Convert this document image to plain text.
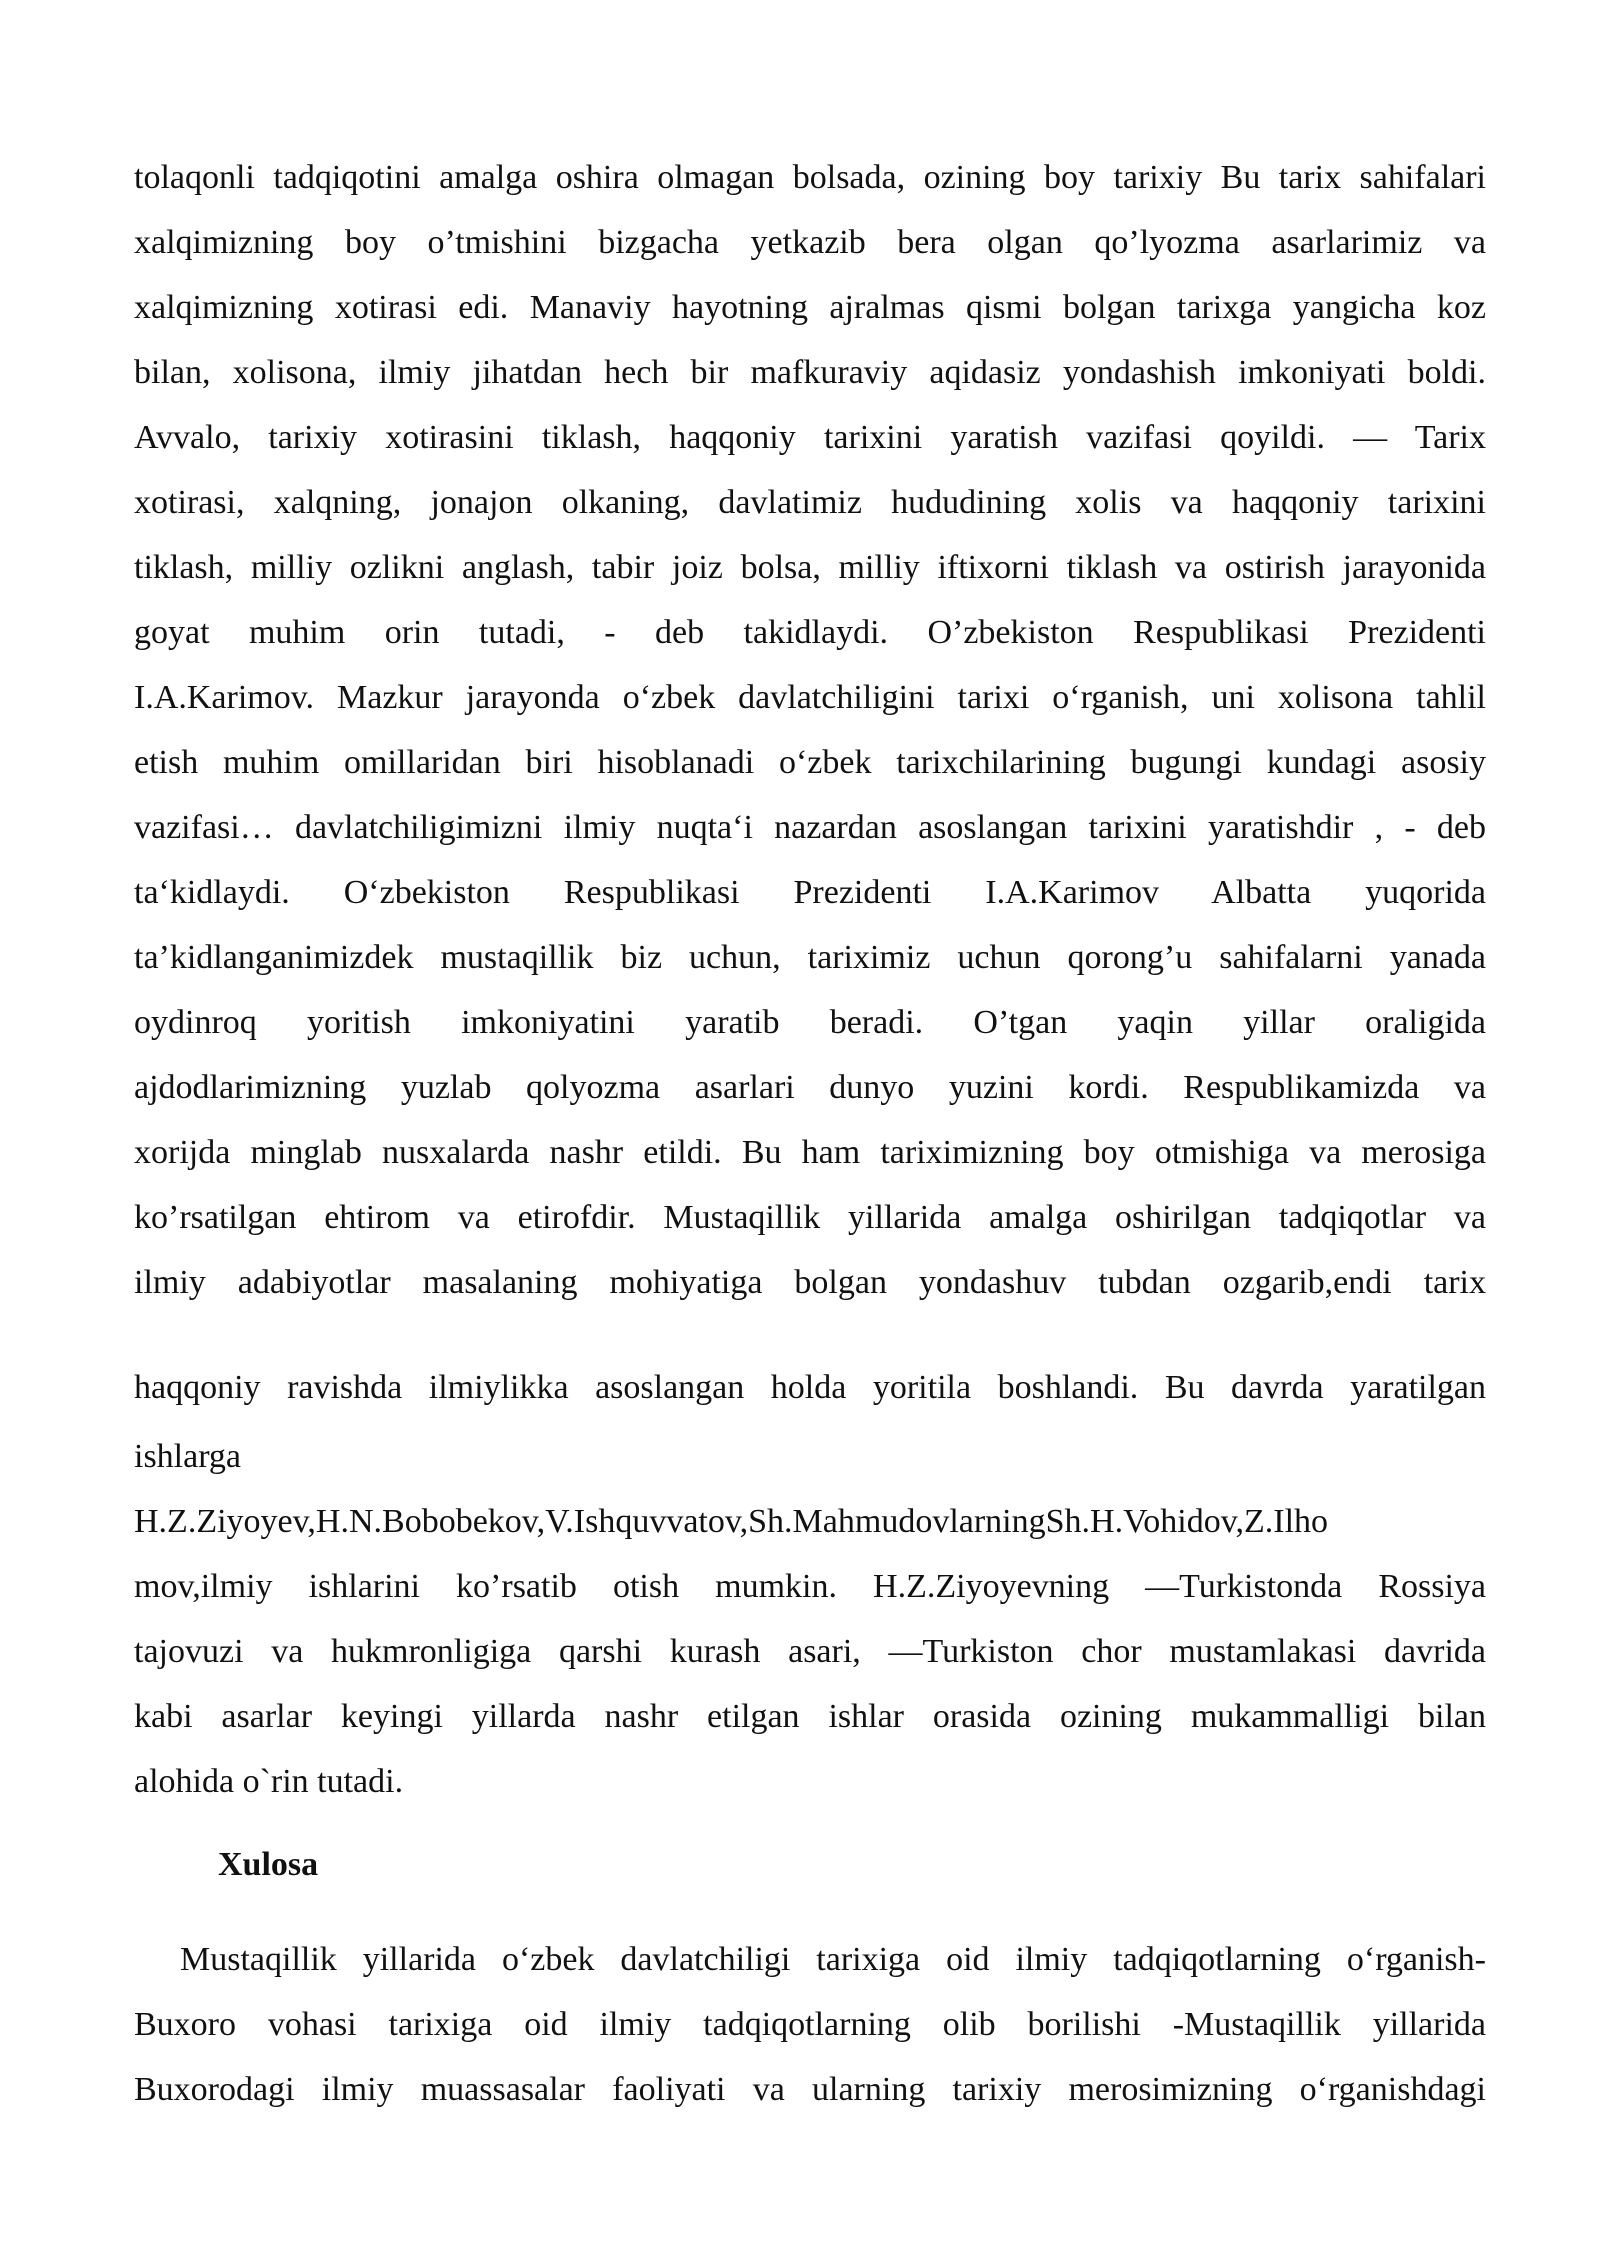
tolaqonli tadqiqotini amalga oshira olmagan bolsada, ozining boy tarixiy Bu tarix sahifalari
xalqimizning boy o’tmishini bizgacha yetkazib bera olgan qo’lyozma asarlarimiz va
xalqimizning xotirasi edi. Manaviy hayotning ajralmas qismi bolgan tarixga yangicha koz
bilan, xolisona, ilmiy jihatdan hech bir mafkuraviy aqidasiz yondashish imkoniyati boldi.
Avvalo, tarixiy xotirasini tiklash, haqqoniy tarixini yaratish vazifasi qoyildi. — Tarix
xotirasi, xalqning, jonajon olkaning, davlatimiz hududining xolis va haqqoniy tarixini
tiklash, milliy ozlikni anglash, tabir joiz bolsa, milliy iftixorni tiklash va ostirish jarayonida
goyat muhim orin tutadi, - deb takidlaydi. O’zbekiston Respublikasi Prezidenti
I.A.Karimov. Mazkur jarayonda o‘zbek davlatchiligini tarixi o‘rganish, uni xolisona tahlil
etish muhim omillaridan biri hisoblanadi o‘zbek tarixchilarining bugungi kundagi asosiy
vazifasi… davlatchiligimizni ilmiy nuqta‘i nazardan asoslangan tarixini yaratishdir , - deb
ta‘kidlaydi. O‘zbekiston Respublikasi Prezidenti I.A.Karimov Albatta yuqorida
ta’kidlanganimizdek mustaqillik biz uchun, tariximiz uchun qorong’u sahifalarni yanada
oydinroq yoritish imkoniyatini yaratib beradi. O’tgan yaqin yillar oraligida
ajdodlarimizning yuzlab qolyozma asarlari dunyo yuzini kordi. Respublikamizda va
xorijda minglab nusxalarda nashr etildi. Bu ham tariximizning boy otmishiga va merosiga
ko’rsatilgan ehtirom va etirofdir. Mustaqillik yillarida amalga oshirilgan tadqiqotlar va
ilmiy adabiyotlar masalaning mohiyatiga bolgan yondashuv tubdan ozgarib,endi tarix
haqqoniy ravishda ilmiylikka asoslangan holda yoritila boshlandi. Bu davrda yaratilgan
ishlarga
H.Z.Ziyoyev,H.N.Bobobekov,V.Ishquvvatov,Sh.MahmudovlarningSh.H.Vohidov,Z.Ilho
mov,ilmiy ishlarini ko’rsatib otish mumkin. H.Z.Ziyoyevning —Turkistonda Rossiya
tajovuzi va hukmronligiga qarshi kurash asari, —Turkiston chor mustamlakasi davrida
kabi asarlar keyingi yillarda nashr etilgan ishlar orasida ozining mukammalligi bilan
alohida o`rin tutadi.
Xulosa
Mustaqillik yillarida o‘zbek davlatchiligi tarixiga oid ilmiy tadqiqotlarning o‘rganish-
Buxoro vohasi tarixiga oid ilmiy tadqiqotlarning olib borilishi -Mustaqillik yillarida
Buxorodagi ilmiy muassasalar faoliyati va ularning tarixiy merosimizning o‘rganishdagi
